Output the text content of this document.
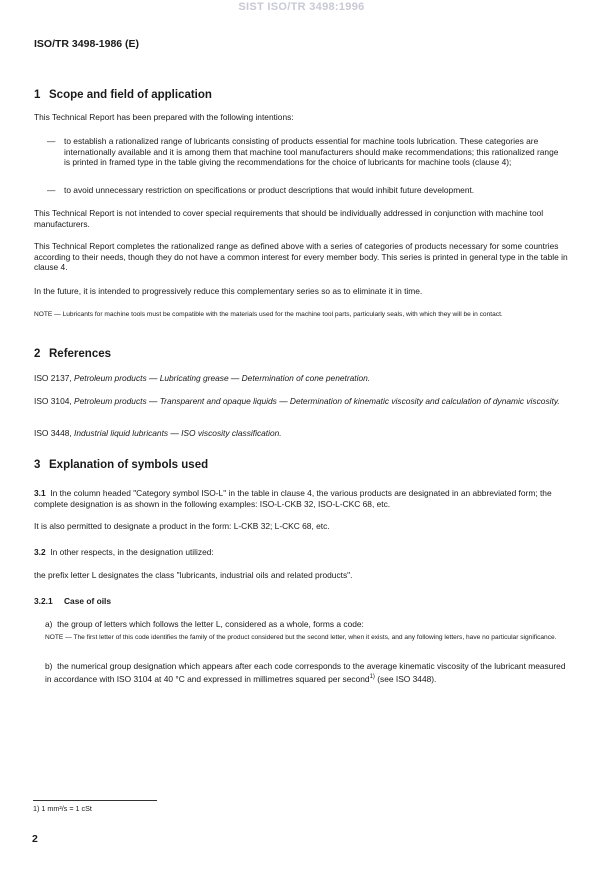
SIST ISO/TR 3498:1996
ISO/TR 3498-1986 (E)
1 Scope and field of application
This Technical Report has been prepared with the following intentions:
—	to establish a rationalized range of lubricants consisting of products essential for machine tools lubrication. These categories are internationally available and it is among them that machine tool manufacturers should make recommendations; this rationalized range is printed in framed type in the table giving the recommendations for the choice of lubricants for machine tools (clause 4);
—	to avoid unnecessary restriction on specifications or product descriptions that would inhibit future development.
This Technical Report is not intended to cover special requirements that should be individually addressed in conjunction with machine tool manufacturers.
This Technical Report completes the rationalized range as defined above with a series of categories of products necessary for some countries according to their needs, though they do not have a common interest for every member body. This series is printed in general type in the table in clause 4.
In the future, it is intended to progressively reduce this complementary series so as to eliminate it in time.
NOTE — Lubricants for machine tools must be compatible with the materials used for the machine tool parts, particularly seals, with which they will be in contact.
2 References
ISO 2137, Petroleum products — Lubricating grease — Determination of cone penetration.
ISO 3104, Petroleum products — Transparent and opaque liquids — Determination of kinematic viscosity and calculation of dynamic viscosity.
ISO 3448, Industrial liquid lubricants — ISO viscosity classification.
3 Explanation of symbols used
3.1 In the column headed "Category symbol ISO-L" in the table in clause 4, the various products are designated in an abbreviated form; the complete designation is as shown in the following examples: ISO-L-CKB 32, ISO-L-CKC 68, etc.
It is also permitted to designate a product in the form: L-CKB 32; L-CKC 68, etc.
3.2 In other respects, in the designation utilized:
the prefix letter L designates the class "lubricants, industrial oils and related products".
3.2.1 Case of oils
a) the group of letters which follows the letter L, considered as a whole, forms a code:
NOTE — The first letter of this code identifies the family of the product considered but the second letter, when it exists, and any following letters, have no particular significance.
b) the numerical group designation which appears after each code corresponds to the average kinematic viscosity of the lubricant measured in accordance with ISO 3104 at 40 °C and expressed in millimetres squared per second$^{1)}$ (see ISO 3448).
1) 1 mm²/s = 1 cSt
2
